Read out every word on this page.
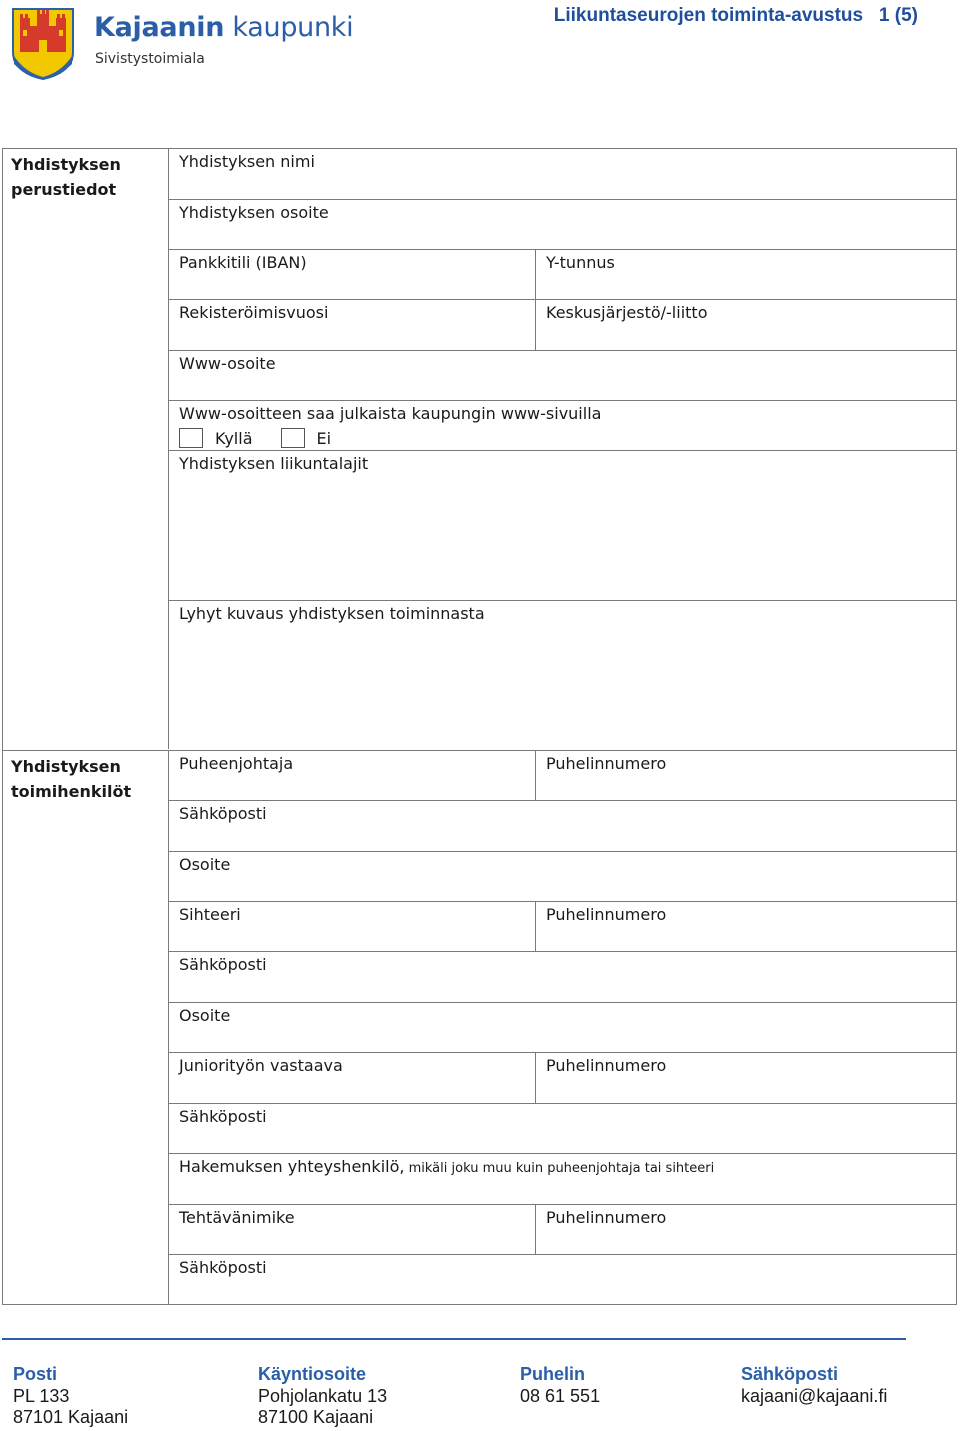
Kajaanin kaupunki
Sivistystoimiala
Liikuntaseurojen toiminta-avustus   1 (5)
Yhdistyksen perustiedot
Yhdistyksen toimihenkilöt
Yhdistyksen nimi
Yhdistyksen osoite
Pankkitili (IBAN)	Y-tunnus
Rekisteröimisvuosi	Keskusjärjestö/-liitto
Www-osoite
Www-osoitteen saa julkaista kaupungin www-sivuilla
Kyllä	Ei
Yhdistyksen liikuntalajit
Lyhyt kuvaus yhdistyksen toiminnasta
Puheenjohtaja	Puhelinnumero
Sähköposti
Osoite
Sihteeri	Puhelinnumero
Sähköposti
Osoite
Juniorityön vastaava	Puhelinnumero
Sähköposti
Hakemuksen yhteyshenkilö, mikäli joku muu kuin puheenjohtaja tai sihteeri
Tehtävänimike	Puhelinnumero
Sähköposti
Posti
PL 133
87101 Kajaani
Käyntiosoite
Pohjolankatu 13
87100 Kajaani
Puhelin
08 61 551
Sähköposti
kajaani@kajaani.fi
